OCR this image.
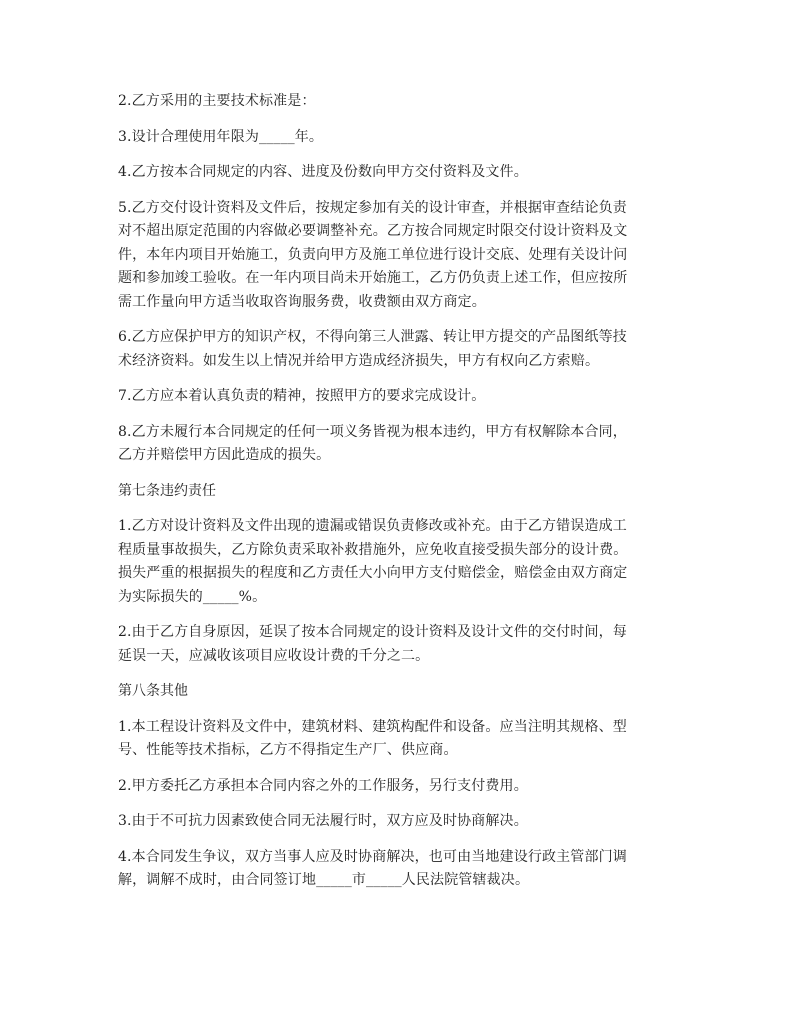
2.乙方采用的主要技术标准是：
3.设计合理使用年限为_____年。
4.乙方按本合同规定的内容、进度及份数向甲方交付资料及文件。
5.乙方交付设计资料及文件后，按规定参加有关的设计审查，并根据审查结论负责
对不超出原定范围的内容做必要调整补充。乙方按合同规定时限交付设计资料及文
件，本年内项目开始施工，负责向甲方及施工单位进行设计交底、处理有关设计问
题和参加竣工验收。在一年内项目尚未开始施工，乙方仍负责上述工作，但应按所
需工作量向甲方适当收取咨询服务费，收费额由双方商定。
6.乙方应保护甲方的知识产权，不得向第三人泄露、转让甲方提交的产品图纸等技
术经济资料。如发生以上情况并给甲方造成经济损失，甲方有权向乙方索赔。
7.乙方应本着认真负责的精神，按照甲方的要求完成设计。
8.乙方未履行本合同规定的任何一项义务皆视为根本违约，甲方有权解除本合同，
乙方并赔偿甲方因此造成的损失。
第七条违约责任
1.乙方对设计资料及文件出现的遗漏或错误负责修改或补充。由于乙方错误造成工
程质量事故损失，乙方除负责采取补救措施外，应免收直接受损失部分的设计费。
损失严重的根据损失的程度和乙方责任大小向甲方支付赔偿金，赔偿金由双方商定
为实际损失的_____%。
2.由于乙方自身原因，延误了按本合同规定的设计资料及设计文件的交付时间，每
延误一天，应减收该项目应收设计费的千分之二。
第八条其他
1.本工程设计资料及文件中，建筑材料、建筑构配件和设备。应当注明其规格、型
号、性能等技术指标，乙方不得指定生产厂、供应商。
2.甲方委托乙方承担本合同内容之外的工作服务，另行支付费用。
3.由于不可抗力因素致使合同无法履行时，双方应及时协商解决。
4.本合同发生争议，双方当事人应及时协商解决，也可由当地建设行政主管部门调
解，调解不成时，由合同签订地_____市_____人民法院管辖裁决。
